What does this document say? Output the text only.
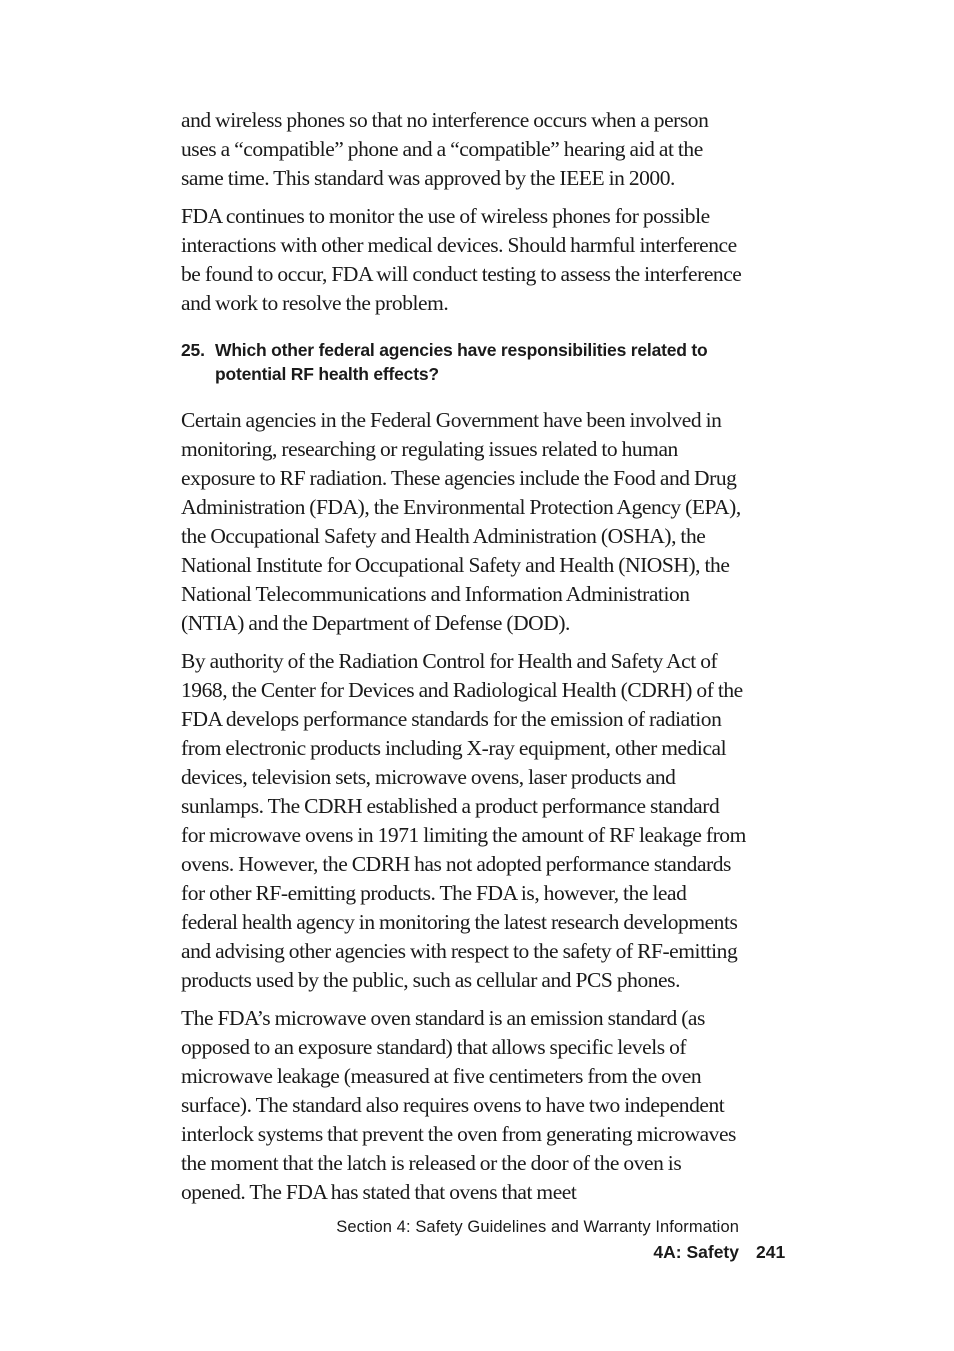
and wireless phones so that no interference occurs when a person uses a “compatible” phone and a “compatible” hearing aid at the same time. This standard was approved by the IEEE in 2000.

FDA continues to monitor the use of wireless phones for possible interactions with other medical devices. Should harmful interference be found to occur, FDA will conduct testing to assess the interference and work to resolve the problem.

25. Which other federal agencies have responsibilities related to potential RF health effects?

Certain agencies in the Federal Government have been involved in monitoring, researching or regulating issues related to human exposure to RF radiation. These agencies include the Food and Drug Administration (FDA), the Environmental Protection Agency (EPA), the Occupational Safety and Health Administration (OSHA), the National Institute for Occupational Safety and Health (NIOSH), the National Telecommunications and Information Administration (NTIA) and the Department of Defense (DOD).

By authority of the Radiation Control for Health and Safety Act of 1968, the Center for Devices and Radiological Health (CDRH) of the FDA develops performance standards for the emission of radiation from electronic products including X-ray equipment, other medical devices, television sets, microwave ovens, laser products and sunlamps. The CDRH established a product performance standard for microwave ovens in 1971 limiting the amount of RF leakage from ovens. However, the CDRH has not adopted performance standards for other RF-emitting products. The FDA is, however, the lead federal health agency in monitoring the latest research developments and advising other agencies with respect to the safety of RF-emitting products used by the public, such as cellular and PCS phones.

The FDA’s microwave oven standard is an emission standard (as opposed to an exposure standard) that allows specific levels of microwave leakage (measured at five centimeters from the oven surface). The standard also requires ovens to have two independent interlock systems that prevent the oven from generating microwaves the moment that the latch is released or the door of the oven is opened. The FDA has stated that ovens that meet

Section 4: Safety Guidelines and Warranty Information
4A: Safety 241
